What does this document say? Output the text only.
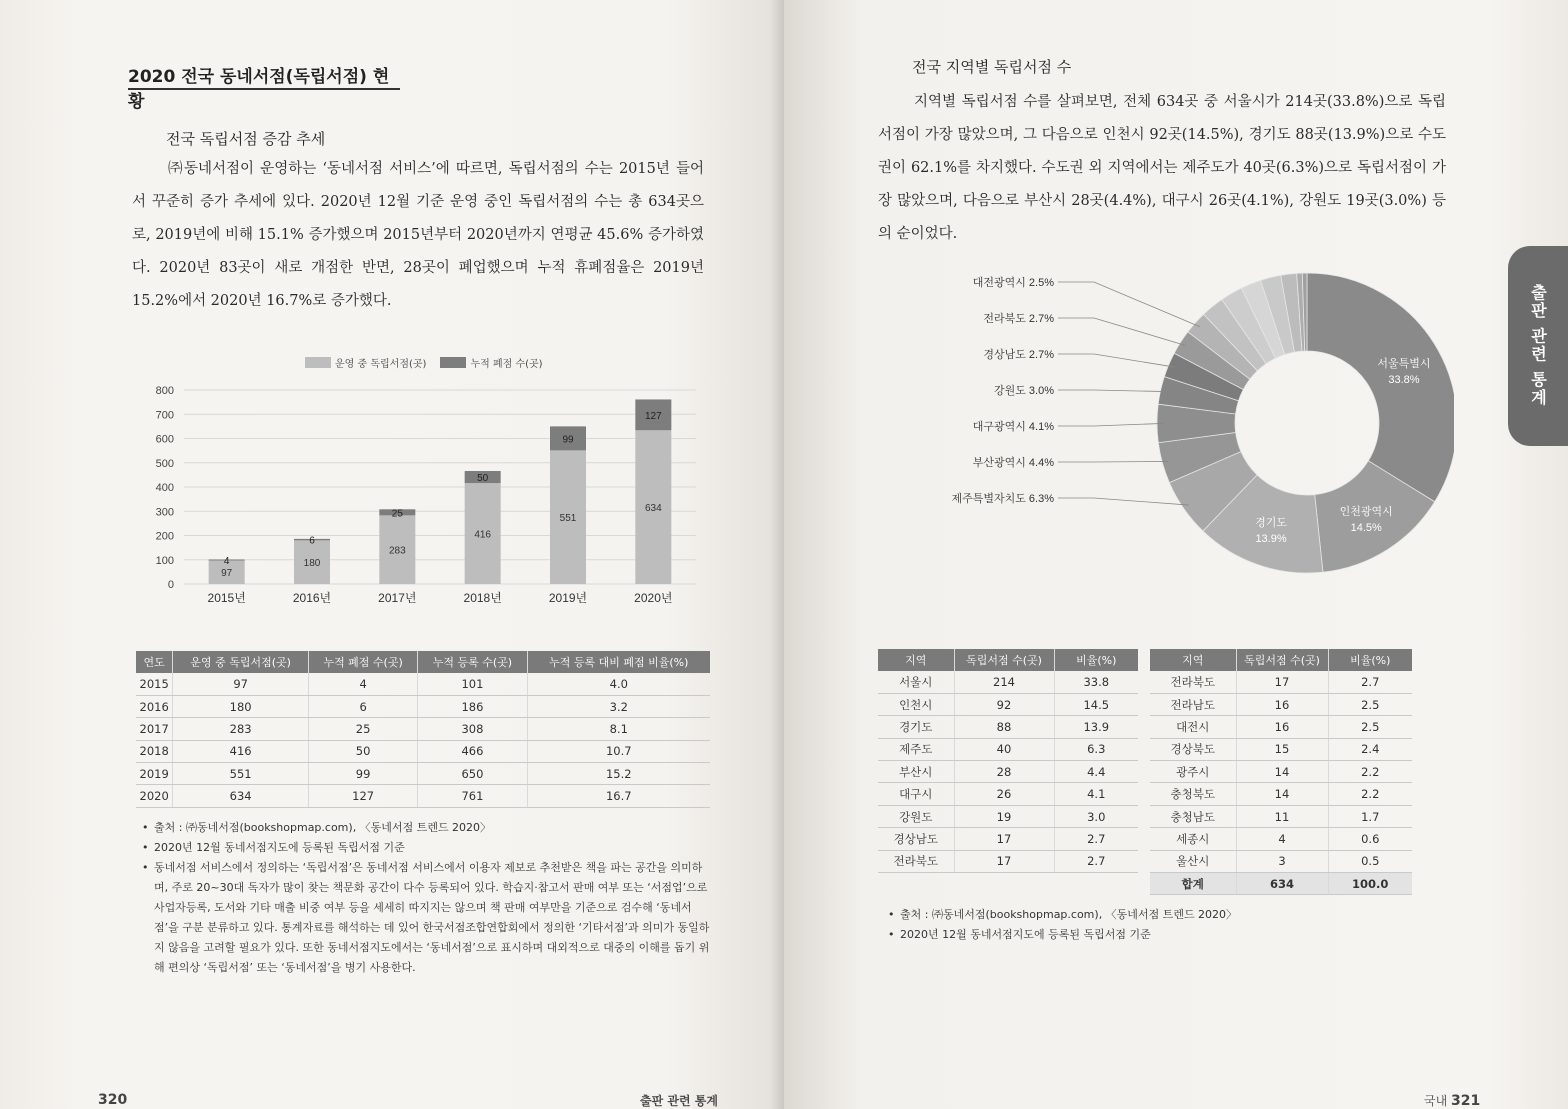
2020 전국 동네서점(독립서점) 현황
전국 독립서점 증감 추세

㈜동네서점이 운영하는 ‘동네서점 서비스’에 따르면, 독립서점의 수는 2015년 들어서 꾸준히 증가 추세에 있다. 2020년 12월 기준 운영 중인 독립서점의 수는 총 634곳으로, 2019년에 비해 15.1% 증가했으며 2015년부터 2020년까지 연평균 45.6% 증가하였다. 2020년 83곳이 새로 개점한 반면, 28곳이 폐업했으며 누적 휴폐점율은 2019년 15.2%에서 2020년 16.7%로 증가했다.

운영 중 독립서점(곳)	누적 폐점 수(곳)
0
100
200
300
400
500
600
700
800
97
4
2015년
180
6
2016년
283
25
2017년
416
50
2018년
551
99
2019년
634
127
2020년
연도	운영 중 독립서점(곳)	누적 폐점 수(곳)	누적 등록 수(곳)	누적 등록 대비 폐점 비율(%)
2015	97	4	101	4.0
2016	180	6	186	3.2
2017	283	25	308	8.1
2018	416	50	466	10.7
2019	551	99	650	15.2
2020	634	127	761	16.7
• 출처 : ㈜동네서점(bookshopmap.com), 〈동네서점 트렌드 2020〉
• 2020년 12월 동네서점지도에 등록된 독립서점 기준
• 동네서점 서비스에서 정의하는 ‘독립서점’은 동네서점 서비스에서 이용자 제보로 추천받은 책을 파는 공간을 의미하며, 주로 20~30대 독자가 많이 찾는 책문화 공간이 다수 등록되어 있다. 학습지·참고서 판매 여부 또는 ‘서점업’으로 사업자등록, 도서와 기타 매출 비중 여부 등을 세세히 따지지는 않으며 책 판매 여부만을 기준으로 검수해 ‘동네서점’을 구분 분류하고 있다. 통계자료를 해석하는 데 있어 한국서점조합연합회에서 정의한 ‘기타서점’과 의미가 동일하지 않음을 고려할 필요가 있다. 또한 동네서점지도에서는 ‘동네서점’으로 표시하며 대외적으로 대중의 이해를 돕기 위해 편의상 ‘독립서점’ 또는 ‘동네서점’을 병기 사용한다.
320	출판 관련 통계
전국 지역별 독립서점 수

지역별 독립서점 수를 살펴보면, 전체 634곳 중 서울시가 214곳(33.8%)으로 독립서점이 가장 많았으며, 그 다음으로 인천시 92곳(14.5%), 경기도 88곳(13.9%)으로 수도권이 62.1%를 차지했다. 수도권 외 지역에서는 제주도가 40곳(6.3%)으로 독립서점이 가장 많았으며, 다음으로 부산시 28곳(4.4%), 대구시 26곳(4.1%), 강원도 19곳(3.0%) 등의 순이었다.

서울특별시
33.8%
인천광역시
14.5%
경기도
13.9%
대전광역시 2.5%
전라북도 2.7%
경상남도 2.7%
강원도 3.0%
대구광역시 4.1%
부산광역시 4.4%
제주특별자치도 6.3%
출판 관련 통계
지역	독립서점 수(곳)	비율(%)
서울시	214	33.8
인천시	92	14.5
경기도	88	13.9
제주도	40	6.3
부산시	28	4.4
대구시	26	4.1
강원도	19	3.0
경상남도	17	2.7
전라북도	17	2.7
지역	독립서점 수(곳)	비율(%)
전라북도	17	2.7
전라남도	16	2.5
대전시	16	2.5
경상북도	15	2.4
광주시	14	2.2
충청북도	14	2.2
충청남도	11	1.7
세종시	4	0.6
울산시	3	0.5
합계	634	100.0
• 출처 : ㈜동네서점(bookshopmap.com), 〈동네서점 트렌드 2020〉
• 2020년 12월 동네서점지도에 등록된 독립서점 기준
국내 321
